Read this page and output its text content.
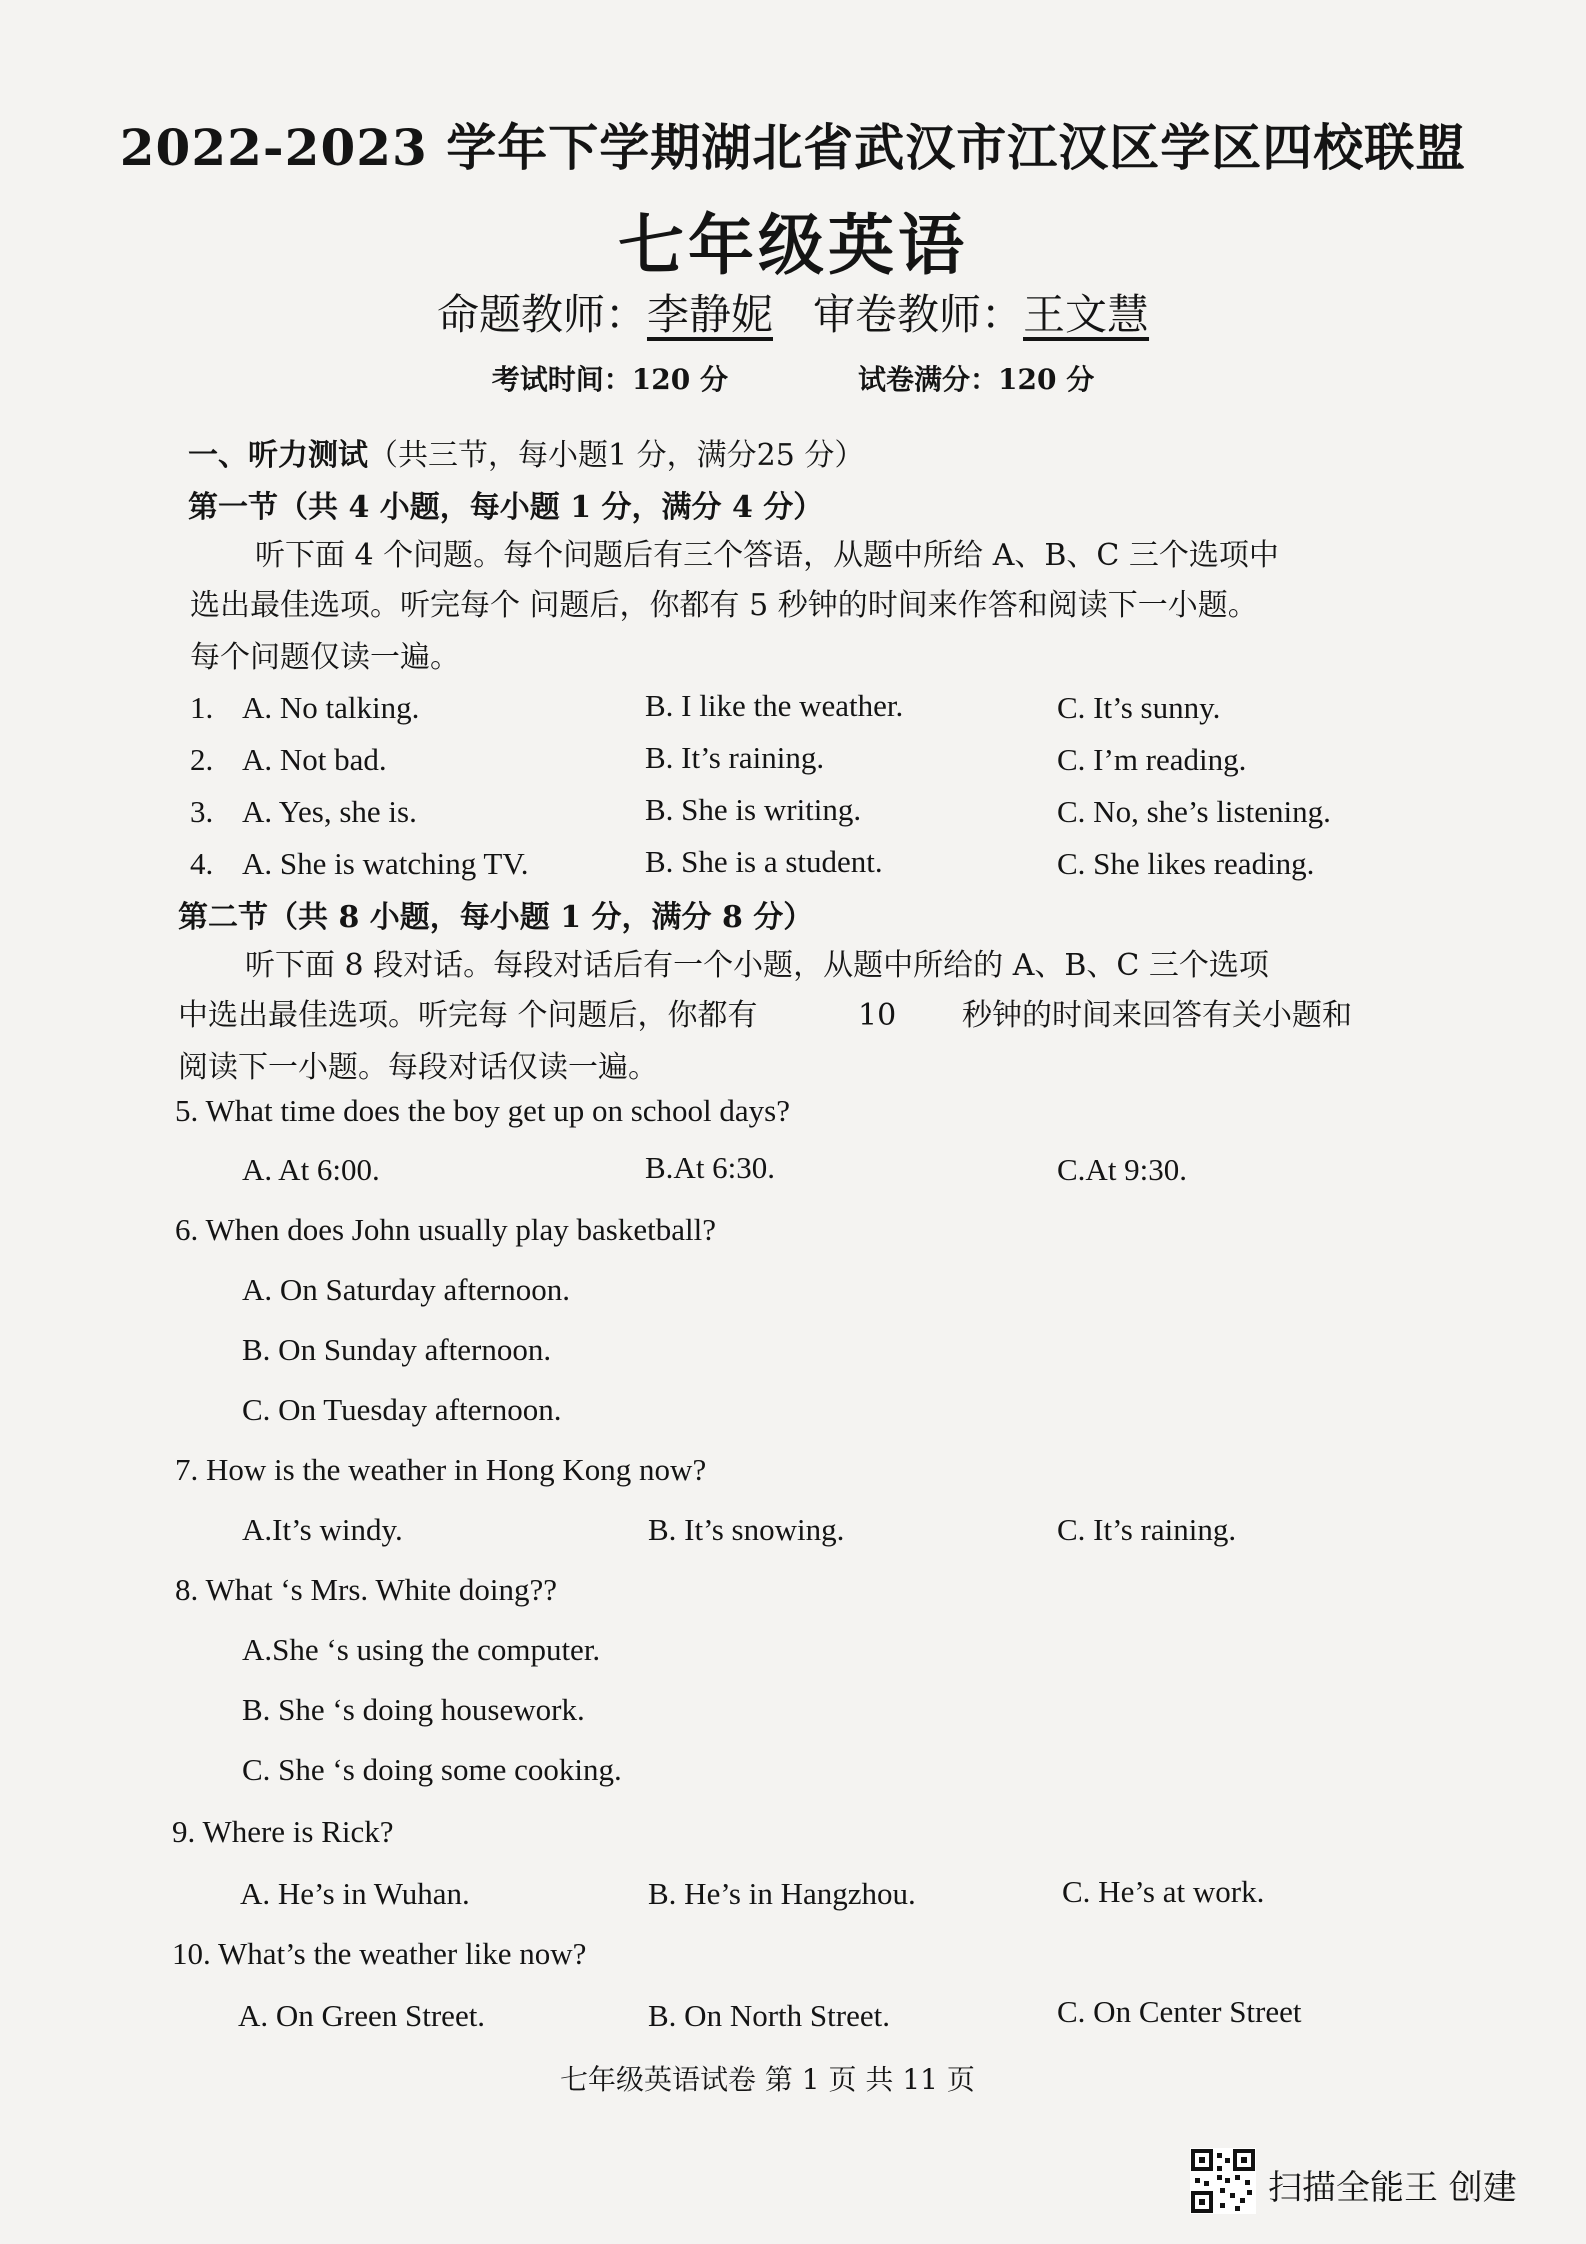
2022-2023 学年下学期湖北省武汉市江汉区学区四校联盟
七年级英语
命题教师：李静妮 审卷教师：王文慧
考试时间：120 分	试卷满分：120 分
一、听力测试（共三节，每小题1 分，满分25 分）
第一节（共 4 小题，每小题 1 分，满分 4 分）
听下面 4 个问题。每个问题后有三个答语，从题中所给 A、B、C 三个选项中
选出最佳选项。听完每个 问题后，你都有 5 秒钟的时间来作答和阅读下一小题。
每个问题仅读一遍。
1. A. No talking.	B. I like the weather.	C. It’s sunny.
2. A. Not bad.	B. It’s raining.	C. I’m reading.
3. A. Yes, she is.	B. She is writing.	C. No, she’s listening.
4. A. She is watching TV.	B. She is a student.	C. She likes reading.
第二节（共 8 小题，每小题 1 分，满分 8 分）
听下面 8 段对话。每段对话后有一个小题，从题中所给的 A、B、C 三个选项
中选出最佳选项。听完每 个问题后，你都有	10 秒钟的时间来回答有关小题和
阅读下一小题。每段对话仅读一遍。
5. What time does the boy get up on school days?
A. At 6:00.	B.At 6:30.	C.At 9:30.
6. When does John usually play basketball?
A. On Saturday afternoon.
B. On Sunday afternoon.
C. On Tuesday afternoon.
7. How is the weather in Hong Kong now?
A.It’s windy.	B. It’s snowing.	C. It’s raining.
8. What ‘s Mrs. White doing??
A.She ‘s using the computer.
B. She ‘s doing housework.
C. She ‘s doing some cooking.
9. Where is Rick?
A. He’s in Wuhan.	B. He’s in Hangzhou.	C. He’s at work.
10. What’s the weather like now?
A. On Green Street.	B. On North Street.	C. On Center Street
七年级英语试卷 第 1 页 共 11 页
扫描全能王 创建
